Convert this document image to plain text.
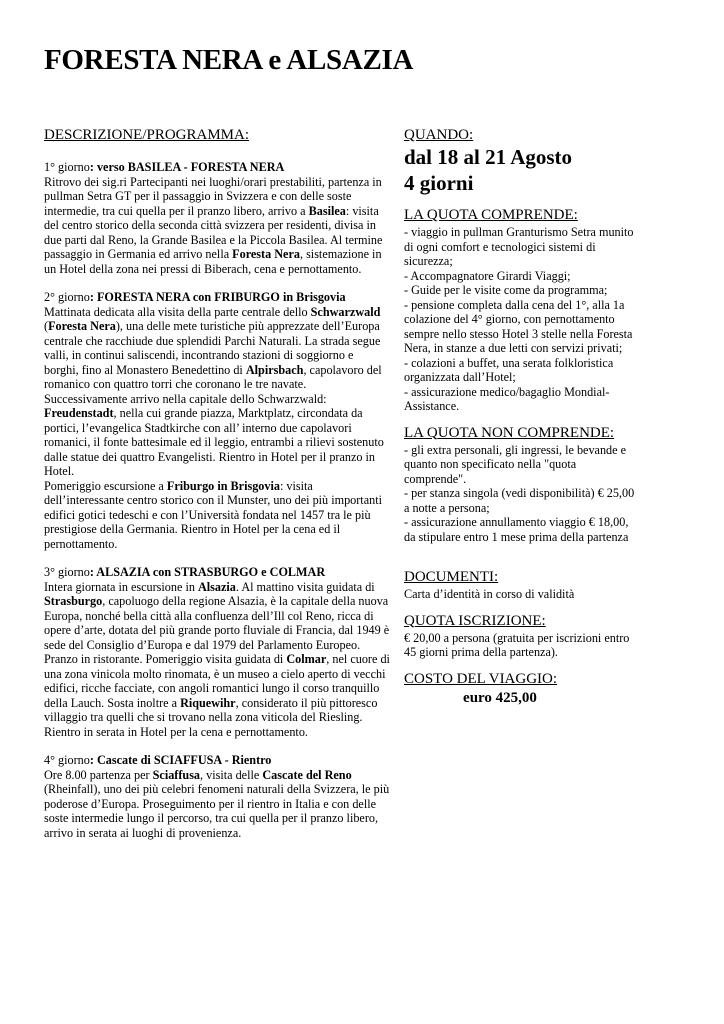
FORESTA NERA e ALSAZIA
DESCRIZIONE/PROGRAMMA:
1° giorno: verso BASILEA - FORESTA NERA

Ritrovo dei sig.ri Partecipanti nei luoghi/orari prestabiliti, partenza in pullman Setra GT per il passaggio in Svizzera e con delle soste intermedie, tra cui quella per il pranzo libero, arrivo a Basilea: visita del centro storico della seconda città svizzera per residenti, divisa in due parti dal Reno, la Grande Basilea e la Piccola Basilea. Al termine passaggio in Germania ed arrivo nella Foresta Nera, sistemazione in un Hotel della zona nei pressi di Biberach, cena e pernottamento.

2° giorno: FORESTA NERA con FRIBURGO in Brisgovia

Mattinata dedicata alla visita della parte centrale dello Schwarzwald (Foresta Nera), una delle mete turistiche più apprezzate dell’Europa centrale che racchiude due splendidi Parchi Naturali. La strada segue valli, in continui saliscendi, incontrando stazioni di soggiorno e borghi, fino al Monastero Benedettino di Alpirsbach, capolavoro del romanico con quattro torri che coronano le tre navate. Successivamente arrivo nella capitale dello Schwarzwald: Freudenstadt, nella cui grande piazza, Marktplatz, circondata da portici, l’evangelica Stadtkirche con all’ interno due capolavori romanici, il fonte battesimale ed il leggio, entrambi a rilievi sostenuto dalle statue dei quattro Evangelisti. Rientro in Hotel per il pranzo in Hotel.

Pomeriggio escursione a Friburgo in Brisgovia: visita dell’interessante centro storico con il Munster, uno dei più importanti edifici gotici tedeschi e con l’Università fondata nel 1457 tra le più prestigiose della Germania. Rientro in Hotel per la cena ed il pernottamento.

3° giorno: ALSAZIA con STRASBURGO e COLMAR

Intera giornata in escursione in Alsazia. Al mattino visita guidata di Strasburgo, capoluogo della regione Alsazia, è la capitale della nuova Europa, nonché bella città alla confluenza dell’Ill col Reno, ricca di opere d’arte, dotata del più grande porto fluviale di Francia, dal 1949 è sede del Consiglio d’Europa e dal 1979 del Parlamento Europeo. Pranzo in ristorante. Pomeriggio visita guidata di Colmar, nel cuore di una zona vinicola molto rinomata, è un museo a cielo aperto di vecchi edifici, ricche facciate, con angoli romantici lungo il corso tranquillo della Lauch. Sosta inoltre a Riquewihr, considerato il più pittoresco villaggio tra quelli che si trovano nella zona viticola del Riesling. Rientro in serata in Hotel per la cena e pernottamento.

4° giorno: Cascate di SCIAFFUSA - Rientro

Ore 8.00 partenza per Sciaffusa, visita delle Cascate del Reno (Rheinfall), uno dei più celebri fenomeni naturali della Svizzera, le più poderose d’Europa. Proseguimento per il rientro in Italia e con delle soste intermedie lungo il percorso, tra cui quella per il pranzo libero, arrivo in serata ai luoghi di provenienza.

QUANDO:
dal 18 al 21 Agosto
4 giorni
LA QUOTA COMPRENDE:

- viaggio in pullman Granturismo Setra munito di ogni comfort e tecnologici sistemi di sicurezza;

- Accompagnatore Girardi Viaggi;

- Guide per le visite come da programma;

- pensione completa dalla cena del 1°, alla 1a colazione del 4° giorno, con pernottamento sempre nello stesso Hotel 3 stelle nella Foresta Nera, in stanze a due letti con servizi privati;

- colazioni a buffet, una serata folkloristica organizzata dall’Hotel;

- assicurazione medico/bagaglio Mondial-Assistance.

LA QUOTA NON COMPRENDE:

- gli extra personali, gli ingressi, le bevande e quanto non specificato nella "quota comprende".

- per stanza singola (vedi disponibilità) € 25,00 a notte a persona;

- assicurazione annullamento viaggio € 18,00, da stipulare entro 1 mese prima della partenza

DOCUMENTI:

Carta d’identità in corso di validità

QUOTA ISCRIZIONE:

€ 20,00 a persona (gratuita per iscrizioni entro 45 giorni prima della partenza).

COSTO DEL VIAGGIO:
euro 425,00
